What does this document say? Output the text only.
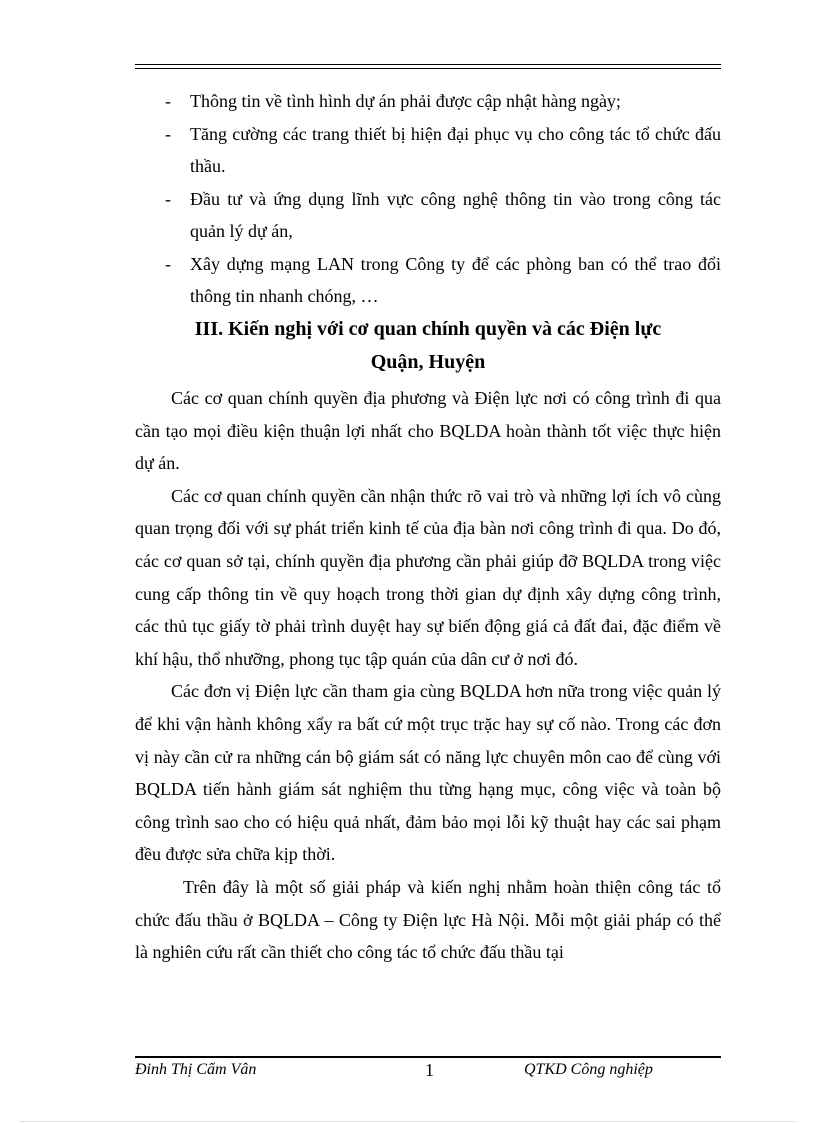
-	Thông tin về tình hình dự án phải được cập nhật hàng ngày;
-	Tăng cường các trang thiết bị hiện đại phục vụ cho công tác tổ chức đấu thầu.
-	Đầu tư và ứng dụng lĩnh vực công nghệ thông tin vào trong công tác quản lý dự án,
-	Xây dựng mạng LAN trong Công ty để các phòng ban có thể trao đổi thông tin nhanh chóng, …
III. Kiến nghị với cơ quan chính quyền và các Điện lực
Quận, Huyện

Các cơ quan chính quyền địa phương và Điện lực nơi có công trình đi qua cần tạo mọi điều kiện thuận lợi nhất cho BQLDA hoàn thành tốt việc thực hiện dự án.

Các cơ quan chính quyền cần nhận thức rõ vai trò và những lợi ích vô cùng quan trọng đối với sự phát triển kinh tế của địa bàn nơi công trình đi qua. Do đó, các cơ quan sở tại, chính quyền địa phương cần phải giúp đỡ BQLDA trong việc cung cấp thông tin về quy hoạch trong thời gian dự định xây dựng công trình, các thủ tục giấy tờ phải trình duyệt hay sự biến động giá cả đất đai, đặc điểm về khí hậu, thổ nhưỡng, phong tục tập quán của dân cư ở nơi đó.

Các đơn vị Điện lực cần tham gia cùng BQLDA hơn nữa trong việc quản lý để khi vận hành không xẩy ra bất cứ một trục trặc hay sự cố nào. Trong các đơn vị này cần cử ra những cán bộ giám sát có năng lực chuyên môn cao để cùng với BQLDA tiến hành giám sát nghiệm thu từng hạng mục, công việc và toàn bộ công trình sao cho có hiệu quả nhất, đảm bảo mọi lỗi kỹ thuật hay các sai phạm đều được sửa chữa kịp thời.

Trên đây là một số giải pháp và kiến nghị nhằm hoàn thiện công tác tổ chức đấu thầu ở BQLDA – Công ty Điện lực Hà Nội. Mỗi một giải pháp có thể là nghiên cứu rất cần thiết cho công tác tổ chức đấu thầu tại

Đinh Thị Cẩm Vân	1	QTKD Công nghiệp
